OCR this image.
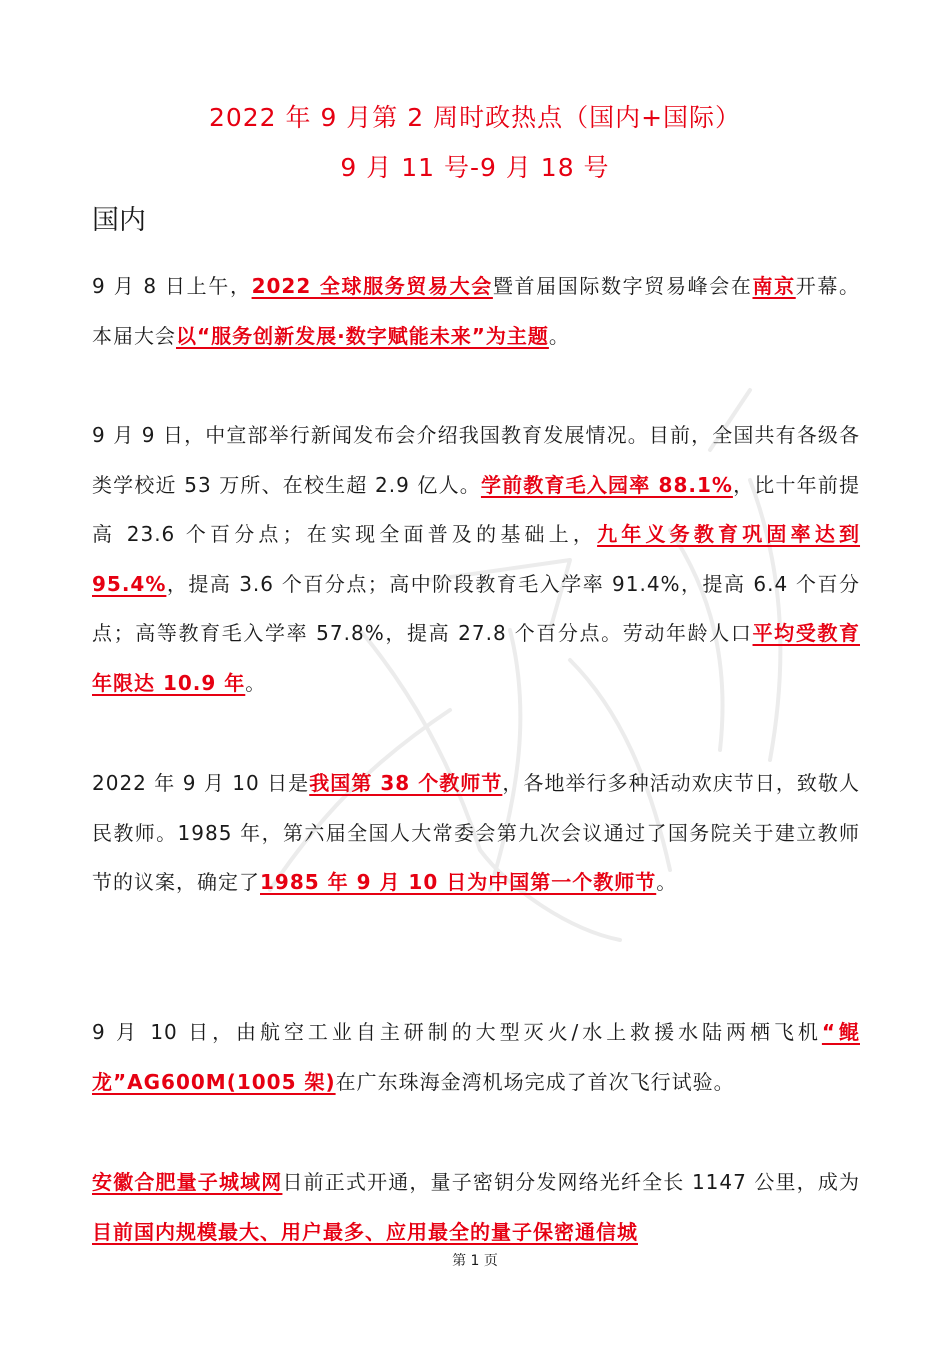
2022 年 9 月第 2 周时政热点（国内+国际）
9 月 11 号-9 月 18 号
国内

9 月 8 日上午，2022 全球服务贸易大会暨首届国际数字贸易峰会在南京开幕。本届大会以“服务创新发展·数字赋能未来”为主题。

9 月 9 日，中宣部举行新闻发布会介绍我国教育发展情况。目前，全国共有各级各类学校近 53 万所、在校生超 2.9 亿人。学前教育毛入园率 88.1%，比十年前提高 23.6 个百分点；在实现全面普及的基础上，九年义务教育巩固率达到 95.4%，提高 3.6 个百分点；高中阶段教育毛入学率 91.4%，提高 6.4 个百分点；高等教育毛入学率 57.8%，提高 27.8 个百分点。劳动年龄人口平均受教育年限达 10.9 年。

2022 年 9 月 10 日是我国第 38 个教师节，各地举行多种活动欢庆节日，致敬人民教师。1985 年，第六届全国人大常委会第九次会议通过了国务院关于建立教师节的议案，确定了1985 年 9 月 10 日为中国第一个教师节。

9 月 10 日，由航空工业自主研制的大型灭火/水上救援水陆两栖飞机“鲲龙”AG600M(1005 架)在广东珠海金湾机场完成了首次飞行试验。

安徽合肥量子城域网日前正式开通，量子密钥分发网络光纤全长 1147 公里，成为目前国内规模最大、用户最多、应用最全的量子保密通信城

第 1 页
